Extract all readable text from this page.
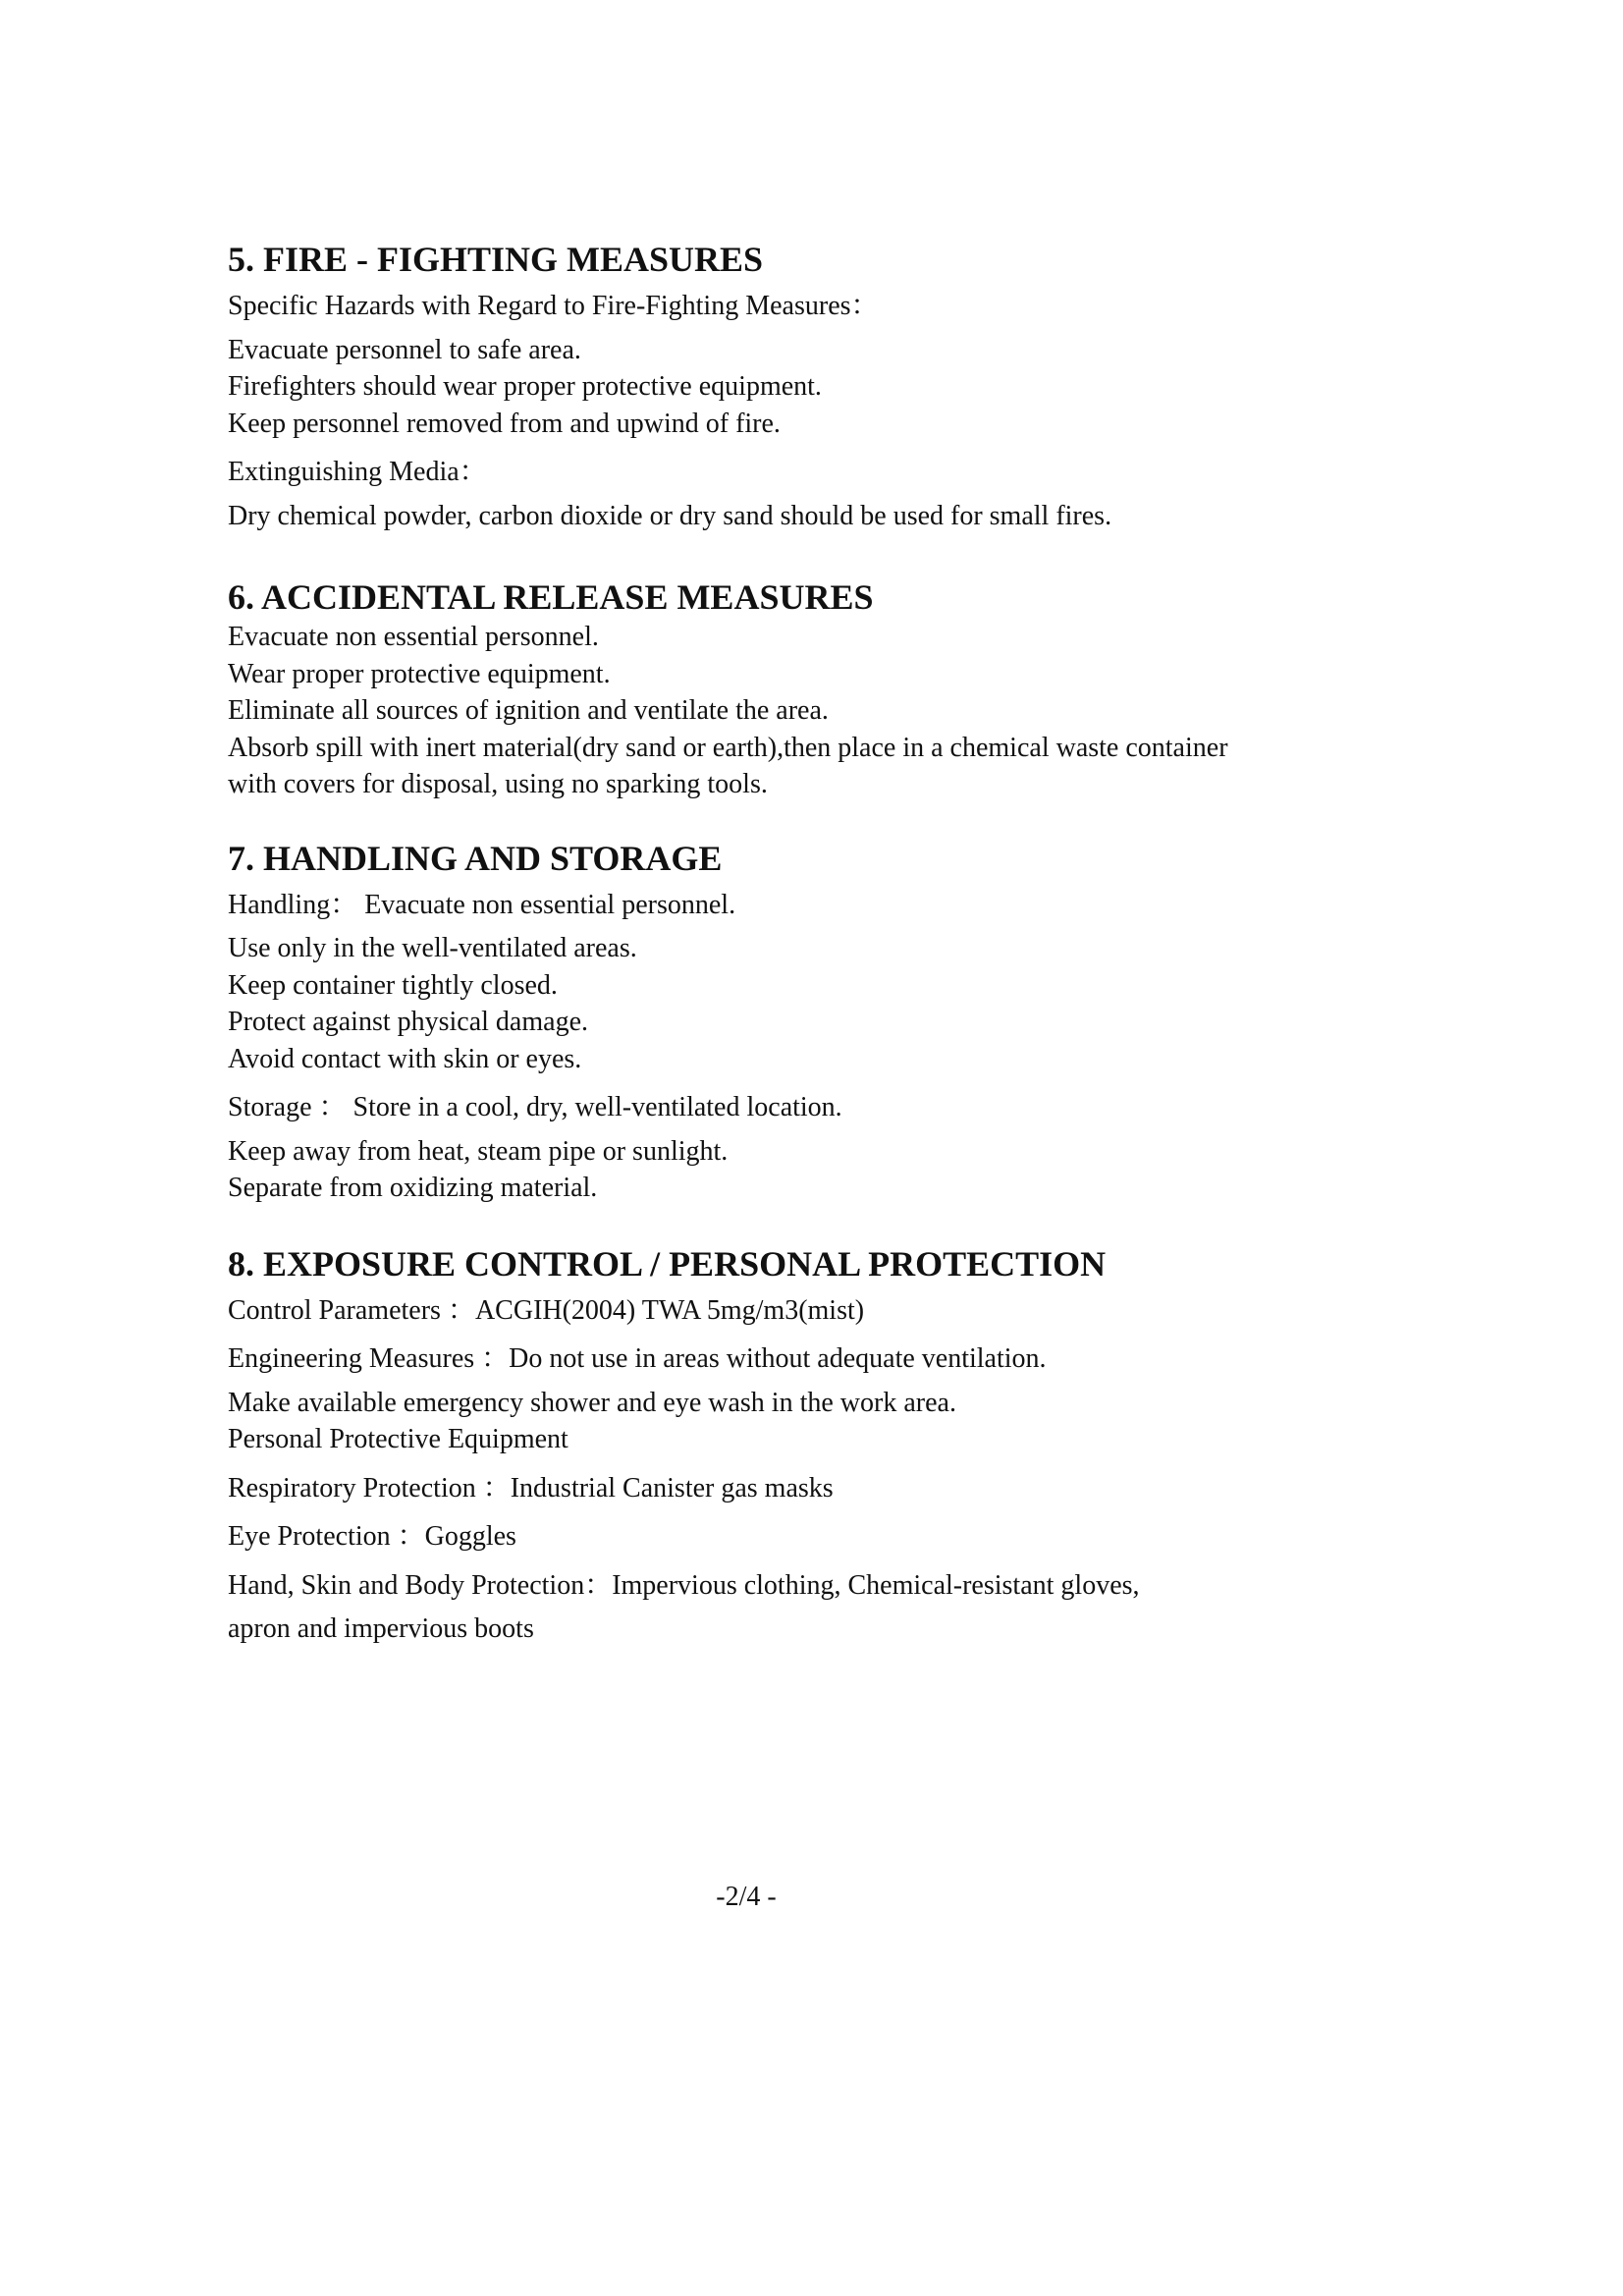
5. FIRE - FIGHTING MEASURES

Specific Hazards with Regard to Fire-Fighting Measures：

Evacuate personnel to safe area.

Firefighters should wear proper protective equipment.

Keep personnel removed from and upwind of fire.

Extinguishing Media：

Dry chemical powder, carbon dioxide or dry sand should be used for small fires.

6. ACCIDENTAL RELEASE MEASURES

Evacuate non essential personnel.

Wear proper protective equipment.

Eliminate all sources of ignition and ventilate the area.

Absorb spill with inert material(dry sand or earth),then place in a chemical waste container

with covers for disposal, using no sparking tools.

7. HANDLING AND STORAGE

Handling： Evacuate non essential personnel.

Use only in the well-ventilated areas.

Keep container tightly closed.

Protect against physical damage.

Avoid contact with skin or eyes.

Storage ： Store in a cool, dry, well-ventilated location.

Keep away from heat, steam pipe or sunlight.

Separate from oxidizing material.

8. EXPOSURE CONTROL / PERSONAL PROTECTION

Control Parameters ：ACGIH(2004) TWA 5mg/m3(mist)

Engineering Measures ：Do not use in areas without adequate ventilation.

Make available emergency shower and eye wash in the work area.

Personal Protective Equipment

Respiratory Protection ：Industrial Canister gas masks

Eye Protection ：Goggles

Hand, Skin and Body Protection：Impervious clothing, Chemical-resistant gloves,

apron and impervious boots

-2/4 -
